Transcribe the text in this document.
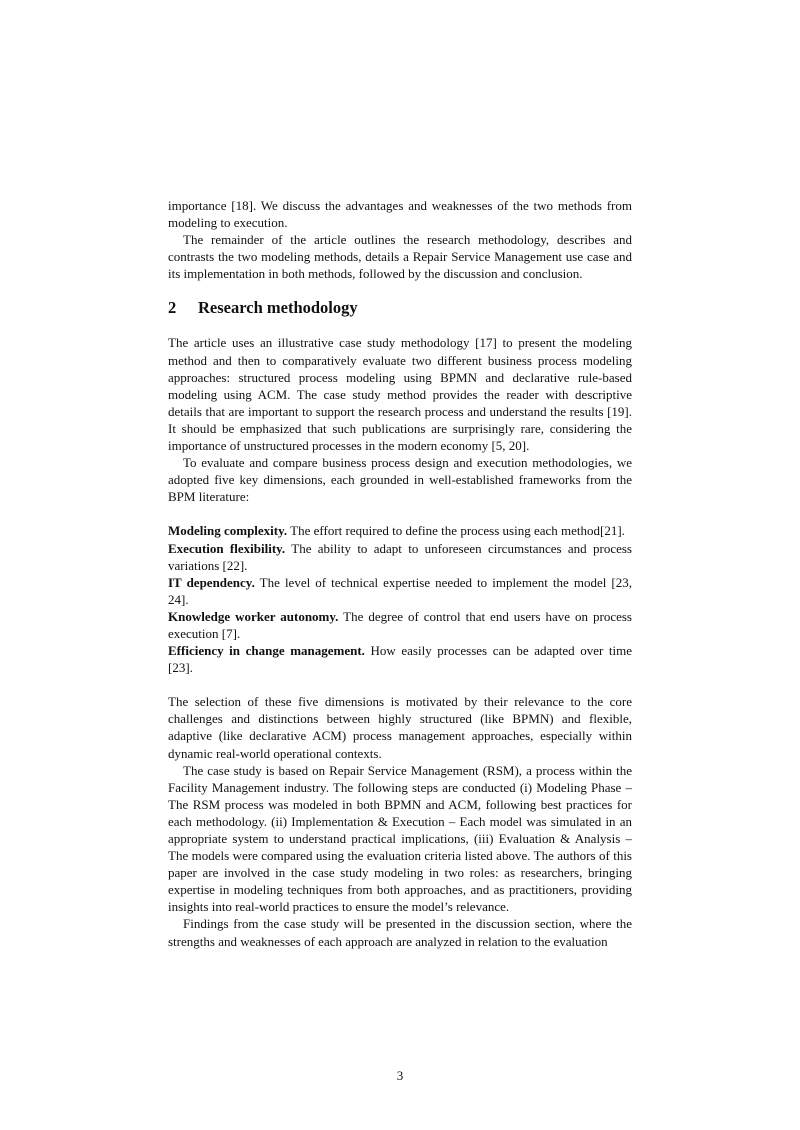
importance [18]. We discuss the advantages and weaknesses of the two methods from modeling to execution.

The remainder of the article outlines the research methodology, describes and contrasts the two modeling methods, details a Repair Service Management use case and its implementation in both methods, followed by the discussion and conclusion.

2	Research methodology

The article uses an illustrative case study methodology [17] to present the modeling method and then to comparatively evaluate two different business process modeling approaches: structured process modeling using BPMN and declarative rule-based modeling using ACM. The case study method provides the reader with descriptive details that are important to support the research process and understand the results [19]. It should be emphasized that such publications are surprisingly rare, considering the importance of unstructured processes in the modern economy [5, 20].

To evaluate and compare business process design and execution methodologies, we adopted five key dimensions, each grounded in well-established frameworks from the BPM literature:

Modeling complexity. The effort required to define the process using each method[21].

Execution flexibility. The ability to adapt to unforeseen circumstances and process variations [22].

IT dependency. The level of technical expertise needed to implement the model [23, 24].

Knowledge worker autonomy. The degree of control that end users have on process execution [7].

Efficiency in change management. How easily processes can be adapted over time [23].

The selection of these five dimensions is motivated by their relevance to the core challenges and distinctions between highly structured (like BPMN) and flexible, adaptive (like declarative ACM) process management approaches, especially within dynamic real-world operational contexts.

The case study is based on Repair Service Management (RSM), a process within the Facility Management industry. The following steps are conducted (i) Modeling Phase – The RSM process was modeled in both BPMN and ACM, following best practices for each methodology. (ii) Implementation & Execution – Each model was simulated in an appropriate system to understand practical implications, (iii) Evaluation & Analysis – The models were compared using the evaluation criteria listed above. The authors of this paper are involved in the case study modeling in two roles: as researchers, bringing expertise in modeling techniques from both approaches, and as practitioners, providing insights into real-world practices to ensure the model’s relevance.

Findings from the case study will be presented in the discussion section, where the strengths and weaknesses of each approach are analyzed in relation to the evaluation

3
